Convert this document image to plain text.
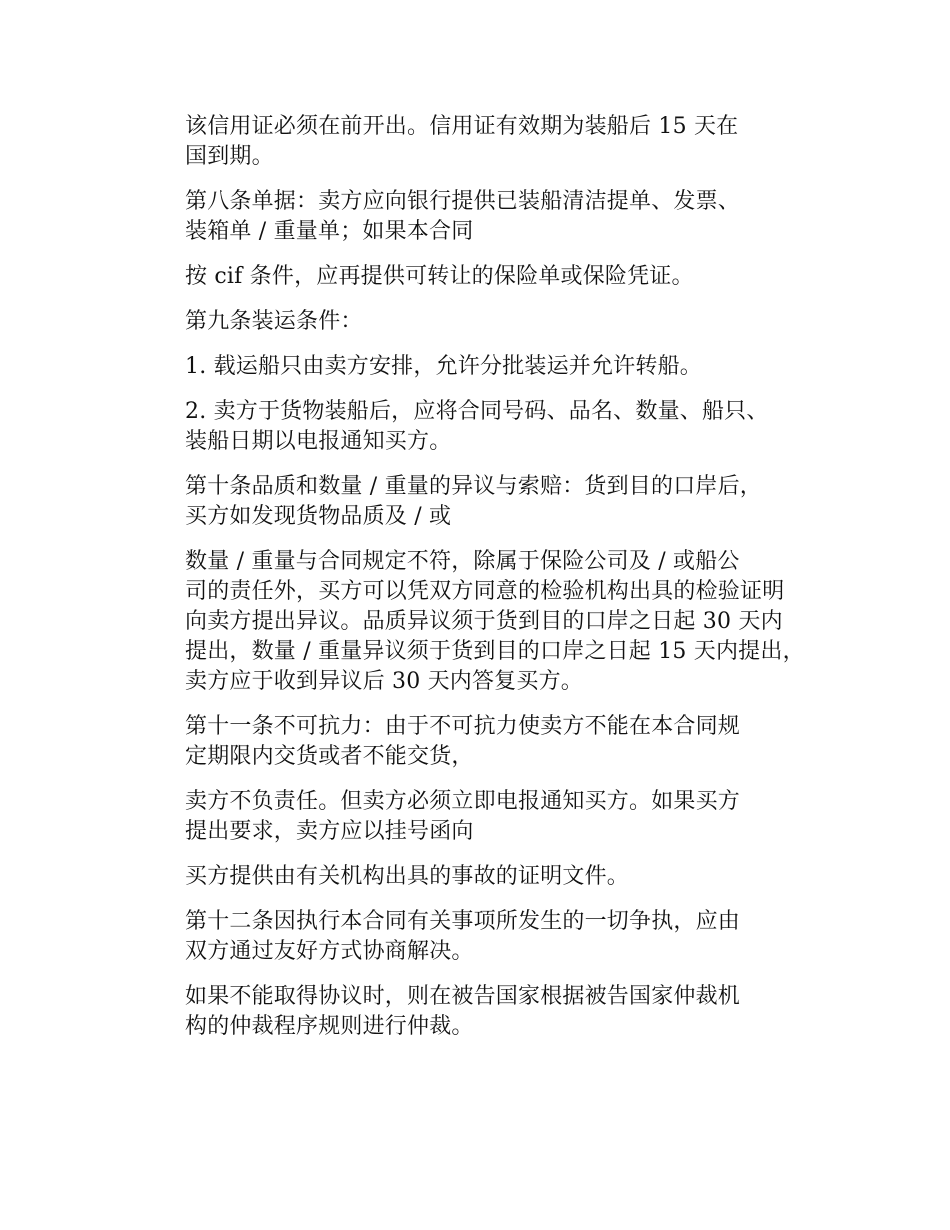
该信用证必须在前开出。信用证有效期为装船后 15 天在
国到期。

第八条单据：卖方应向银行提供已装船清洁提单、发票、
装箱单 / 重量单；如果本合同

按 cif 条件，应再提供可转让的保险单或保险凭证。

第九条装运条件：

1. 载运船只由卖方安排，允许分批装运并允许转船。

2. 卖方于货物装船后，应将合同号码、品名、数量、船只、
装船日期以电报通知买方。

第十条品质和数量 / 重量的异议与索赔：货到目的口岸后，
买方如发现货物品质及 / 或

数量 / 重量与合同规定不符，除属于保险公司及 / 或船公
司的责任外，买方可以凭双方同意的检验机构出具的检验证明
向卖方提出异议。品质异议须于货到目的口岸之日起 30 天内
提出，数量 / 重量异议须于货到目的口岸之日起 15 天内提出，
卖方应于收到异议后 30 天内答复买方。

第十一条不可抗力：由于不可抗力使卖方不能在本合同规
定期限内交货或者不能交货，

卖方不负责任。但卖方必须立即电报通知买方。如果买方
提出要求，卖方应以挂号函向

买方提供由有关机构出具的事故的证明文件。

第十二条因执行本合同有关事项所发生的一切争执，应由
双方通过友好方式协商解决。

如果不能取得协议时，则在被告国家根据被告国家仲裁机
构的仲裁程序规则进行仲裁。
